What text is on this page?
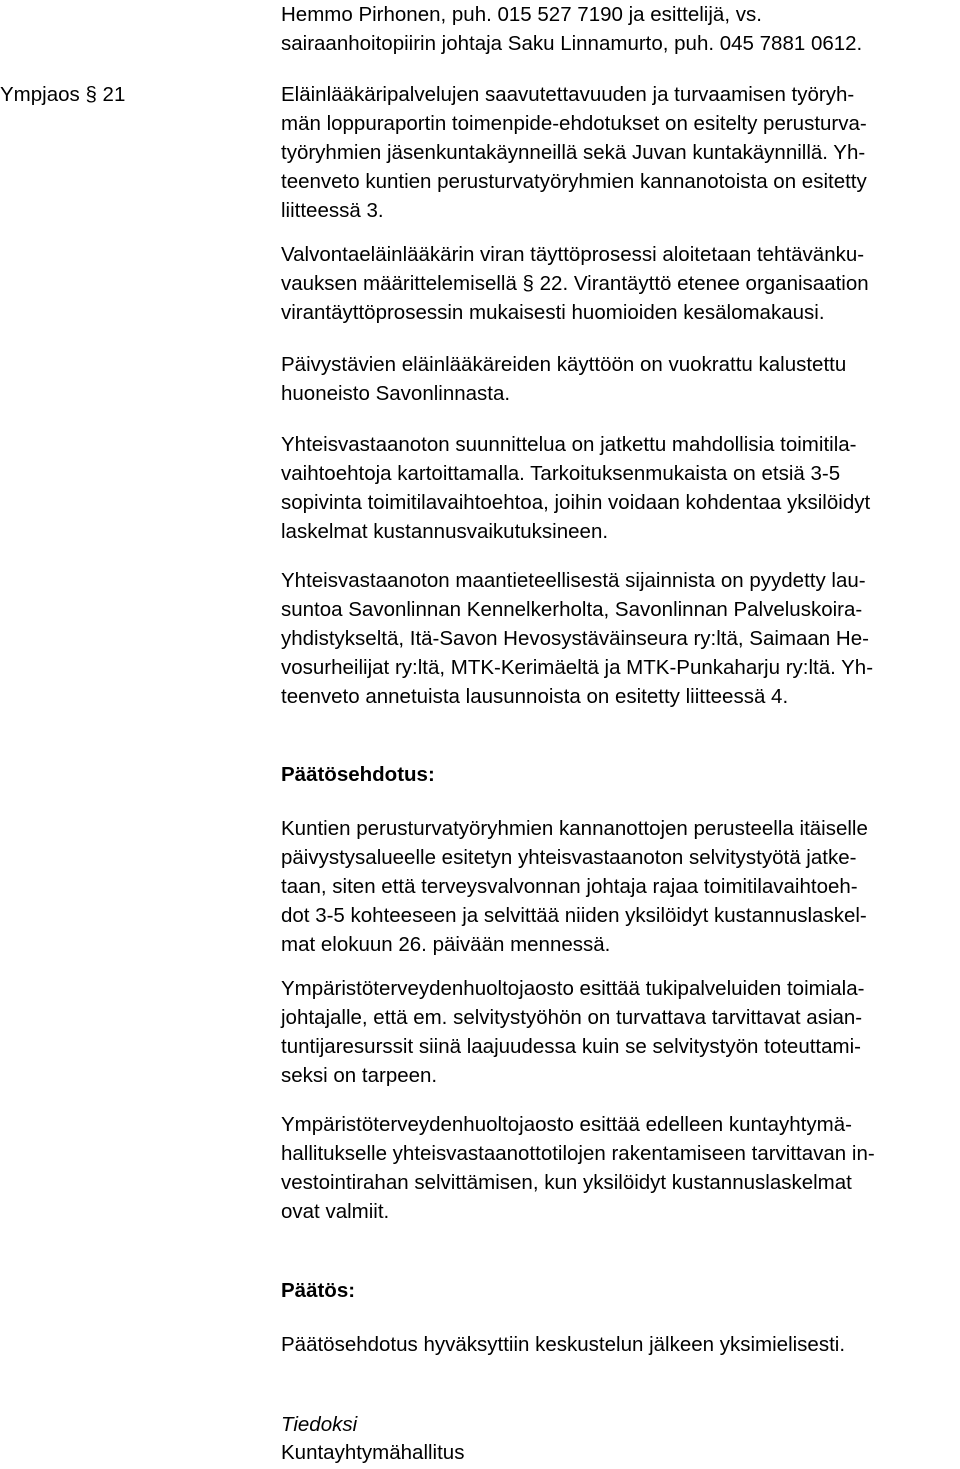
Ympjaos § 21
Hemmo Pirhonen, puh. 015 527 7190 ja esittelijä, vs.
sairaanhoitopiirin johtaja Saku Linnamurto, puh. 045 7881 0612.
Eläinlääkäripalvelujen saavutettavuuden ja turvaamisen työryh-
män loppuraportin toimenpide-ehdotukset on esitelty perusturva-
työryhmien jäsenkuntakäynneillä sekä Juvan kuntakäynnillä. Yh-
teenveto kuntien perusturvatyöryhmien kannanotoista on esitetty
liitteessä 3.
Valvontaeläinlääkärin viran täyttöprosessi aloitetaan tehtävänku-
vauksen määrittelemisellä § 22. Virantäyttö etenee organisaation
virantäyttöprosessin mukaisesti huomioiden kesälomakausi.
Päivystävien eläinlääkäreiden käyttöön on vuokrattu kalustettu
huoneisto Savonlinnasta.
Yhteisvastaanoton suunnittelua on jatkettu mahdollisia toimitila-
vaihtoehtoja kartoittamalla. Tarkoituksenmukaista on etsiä 3-5
sopivinta toimitilavaihtoehtoa, joihin voidaan kohdentaa yksilöidyt
laskelmat kustannusvaikutuksineen.
Yhteisvastaanoton maantieteellisestä sijainnista on pyydetty lau-
suntoa Savonlinnan Kennelkerholta, Savonlinnan Palveluskoira-
yhdistykseltä, Itä-Savon Hevosystäväinseura ry:ltä, Saimaan He-
vosurheilijat ry:ltä, MTK-Kerimäeltä ja MTK-Punkaharju ry:ltä. Yh-
teenveto annetuista lausunnoista on esitetty liitteessä 4.
Päätösehdotus:
Kuntien perusturvatyöryhmien kannanottojen perusteella itäiselle
päivystysalueelle esitetyn yhteisvastaanoton selvitystyötä jatke-
taan, siten että terveysvalvonnan johtaja rajaa toimitilavaihtoeh-
dot 3-5 kohteeseen ja selvittää niiden yksilöidyt kustannuslaskel-
mat elokuun 26. päivään mennessä.
Ympäristöterveydenhuoltojaosto esittää tukipalveluiden toimiala-
johtajalle, että em. selvitystyöhön on turvattava tarvittavat asian-
tuntijaresurssit siinä laajuudessa kuin se selvitystyön toteuttami-
seksi on tarpeen.
Ympäristöterveydenhuoltojaosto esittää edelleen kuntayhtymä-
hallitukselle yhteisvastaanottotilojen rakentamiseen tarvittavan in-
vestointirahan selvittämisen, kun yksilöidyt kustannuslaskelmat
ovat valmiit.
Päätös:
Päätösehdotus hyväksyttiin keskustelun jälkeen yksimielisesti.
Tiedoksi
Kuntayhtymähallitus
